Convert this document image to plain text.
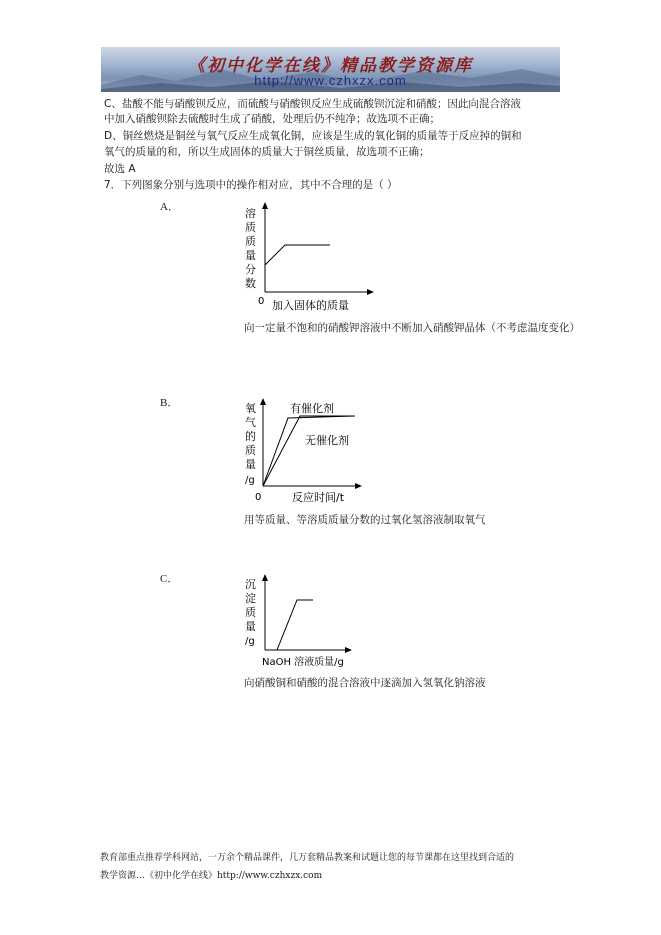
《初中化学在线》精品教学资源库
http://www.czhxzx.com
C、盐酸不能与硝酸钡反应，而硫酸与硝酸钡反应生成硫酸钡沉淀和硝酸；因此向混合溶液
中加入硝酸钡除去硫酸时生成了硝酸，处理后仍不纯净；故选项不正确；
D、铜丝燃烧是铜丝与氧气反应生成氧化铜，应该是生成的氧化铜的质量等于反应掉的铜和
氧气的质量的和，所以生成固体的质量大于铜丝质量，故选项不正确；
故选 A
7．下列图象分别与选项中的操作相对应，其中不合理的是（ ）
A．	溶
质
质
量
分
数
0 加入固体的质量
向一定量不饱和的硝酸钾溶液中不断加入硝酸钾晶体（不考虑温度变化）
B．	氧
气
的
质
量
/g
0	反应时间/t
有催化剂
无催化剂
用等质量、等溶质质量分数的过氧化氢溶液制取氧气
C．	沉
淀
质
量
/g
NaOH 溶液质量/g
向硝酸铜和硝酸的混合溶液中逐滴加入氢氧化钠溶液
教育部重点推荐学科网站，一万余个精品课件，几万套精品教案和试题让您的每节课都在这里找到合适的
教学资源…《初中化学在线》http://www.czhxzx.com
